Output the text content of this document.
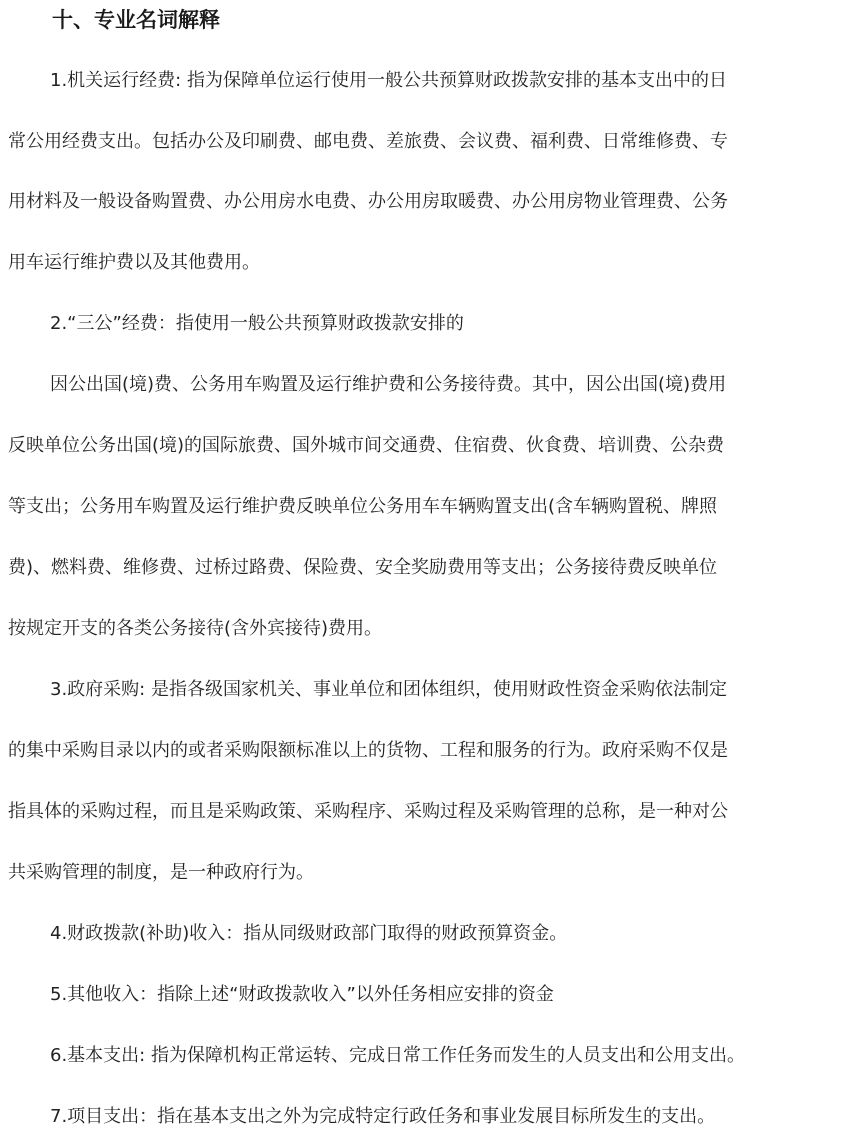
十、专业名词解释

1.机关运行经费: 指为保障单位运行使用一般公共预算财政拨款安排的基本支出中的日

常公用经费支出。包括办公及印刷费、邮电费、差旅费、会议费、福利费、日常维修费、专

用材料及一般设备购置费、办公用房水电费、办公用房取暖费、办公用房物业管理费、公务

用车运行维护费以及其他费用。

2.“三公”经费：指使用一般公共预算财政拨款安排的

因公出国(境)费、公务用车购置及运行维护费和公务接待费。其中，因公出国(境)费用

反映单位公务出国(境)的国际旅费、国外城市间交通费、住宿费、伙食费、培训费、公杂费

等支出；公务用车购置及运行维护费反映单位公务用车车辆购置支出(含车辆购置税、牌照

费)、燃料费、维修费、过桥过路费、保险费、安全奖励费用等支出；公务接待费反映单位

按规定开支的各类公务接待(含外宾接待)费用。

3.政府采购: 是指各级国家机关、事业单位和团体组织，使用财政性资金采购依法制定

的集中采购目录以内的或者采购限额标准以上的货物、工程和服务的行为。政府采购不仅是

指具体的采购过程，而且是采购政策、采购程序、采购过程及采购管理的总称，是一种对公

共采购管理的制度，是一种政府行为。

4.财政拨款(补助)收入：指从同级财政部门取得的财政预算资金。

5.其他收入：指除上述“财政拨款收入”以外任务相应安排的资金

6.基本支出: 指为保障机构正常运转、完成日常工作任务而发生的人员支出和公用支出。

7.项目支出：指在基本支出之外为完成特定行政任务和事业发展目标所发生的支出。
